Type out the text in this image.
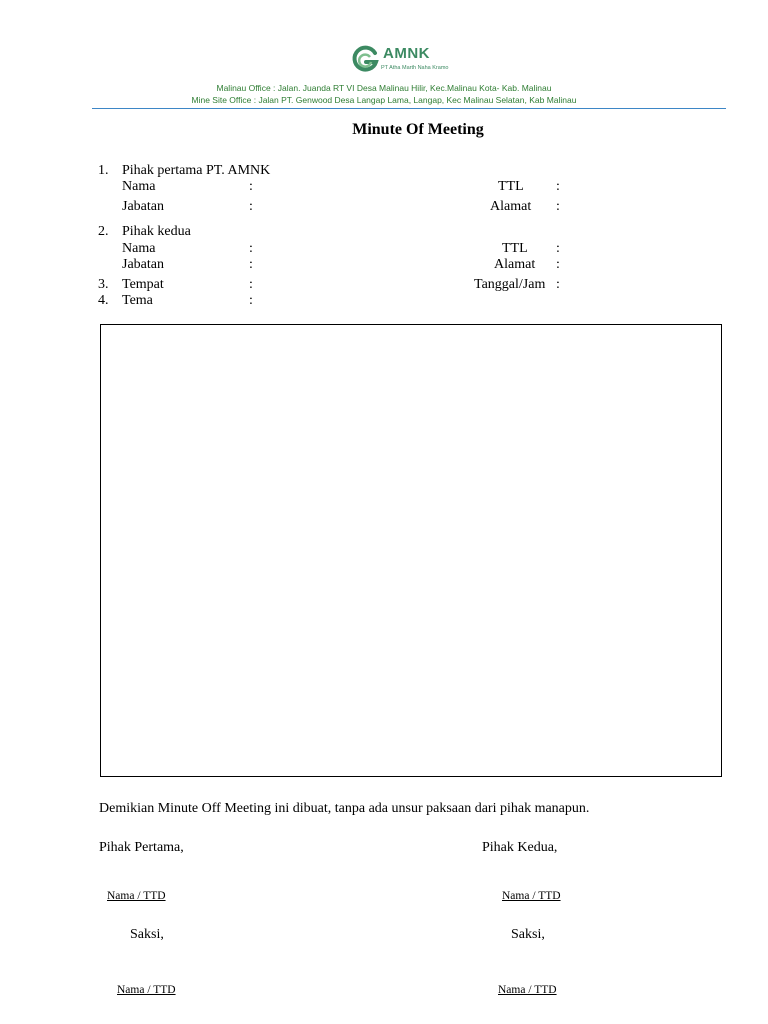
AMNK
PT Atha Marth Naha Kramo
Malinau Office : Jalan. Juanda RT VI Desa Malinau Hilir, Kec.Malinau Kota- Kab. Malinau
Mine Site Office : Jalan PT. Genwood Desa Langap Lama, Langap, Kec Malinau Selatan, Kab Malinau
Minute Of Meeting
1. Pihak pertama PT. AMNK
Nama	:	TTL :
Jabatan	:	Alamat :
2. Pihak kedua
Nama	:	TTL :
Jabatan	:	Alamat :
3. Tempat	:	Tanggal/Jam :
4. Tema	:
Demikian Minute Off Meeting ini dibuat, tanpa ada unsur paksaan dari pihak manapun.
Pihak Pertama,	Pihak Kedua,
Nama / TTD	Nama / TTD
Saksi,	Saksi,
Nama / TTD	Nama / TTD
